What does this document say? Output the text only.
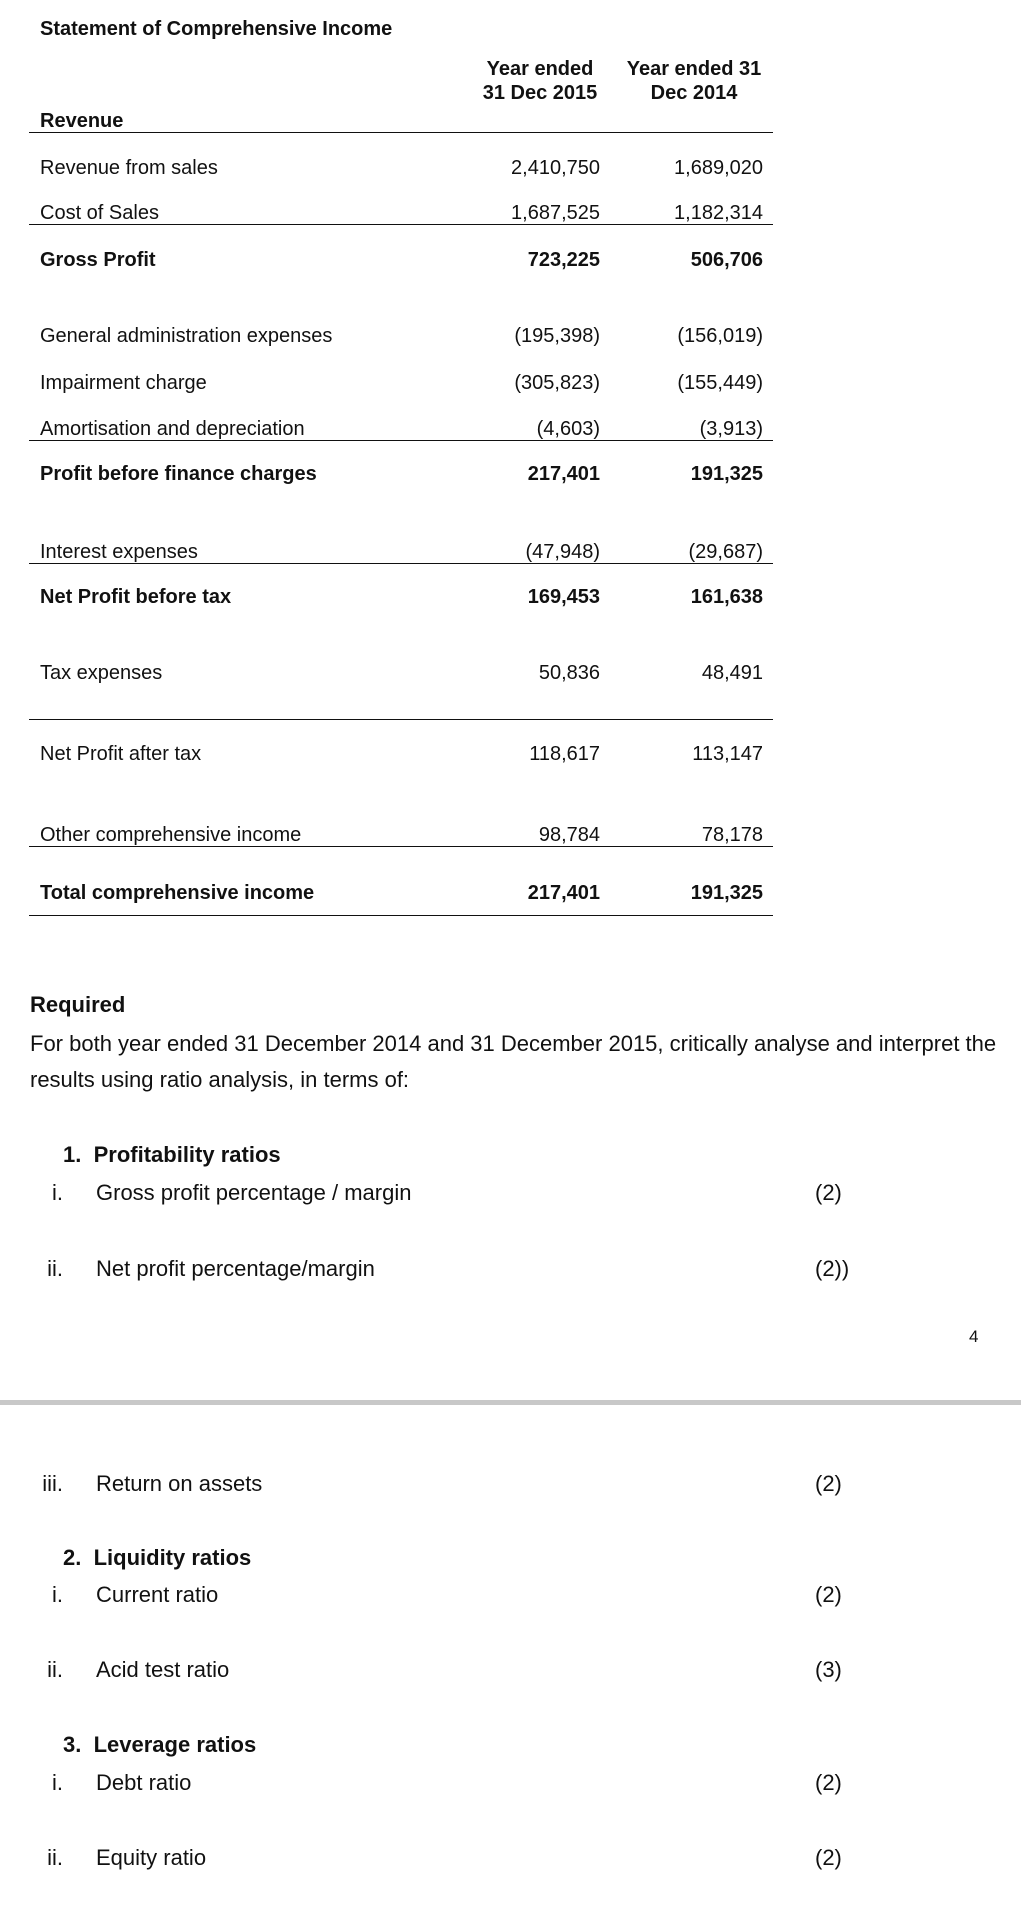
Statement of Comprehensive Income
Year ended
31 Dec 2015
Year ended 31
Dec 2014
Revenue
Revenue from sales	2,410,750	1,689,020
Cost of Sales	1,687,525	1,182,314
Gross Profit	723,225	506,706
General administration expenses	(195,398)	(156,019)
Impairment charge	(305,823)	(155,449)
Amortisation and depreciation	(4,603)	(3,913)
Profit before finance charges	217,401	191,325
Interest expenses	(47,948)	(29,687)
Net Profit before tax	169,453	161,638
Tax expenses	50,836	48,491
Net Profit after tax	118,617	113,147
Other comprehensive income	98,784	78,178
Total comprehensive income	217,401	191,325
Required
For both year ended 31 December 2014 and 31 December 2015, critically analyse and interpret the
results using ratio analysis, in terms of:
1. Profitability ratios
i. Gross profit percentage / margin	(2)
ii. Net profit percentage/margin	(2))
4
iii. Return on assets	(2)
2. Liquidity ratios
i. Current ratio	(2)
ii. Acid test ratio	(3)
3. Leverage ratios
i. Debt ratio	(2)
ii. Equity ratio	(2)
